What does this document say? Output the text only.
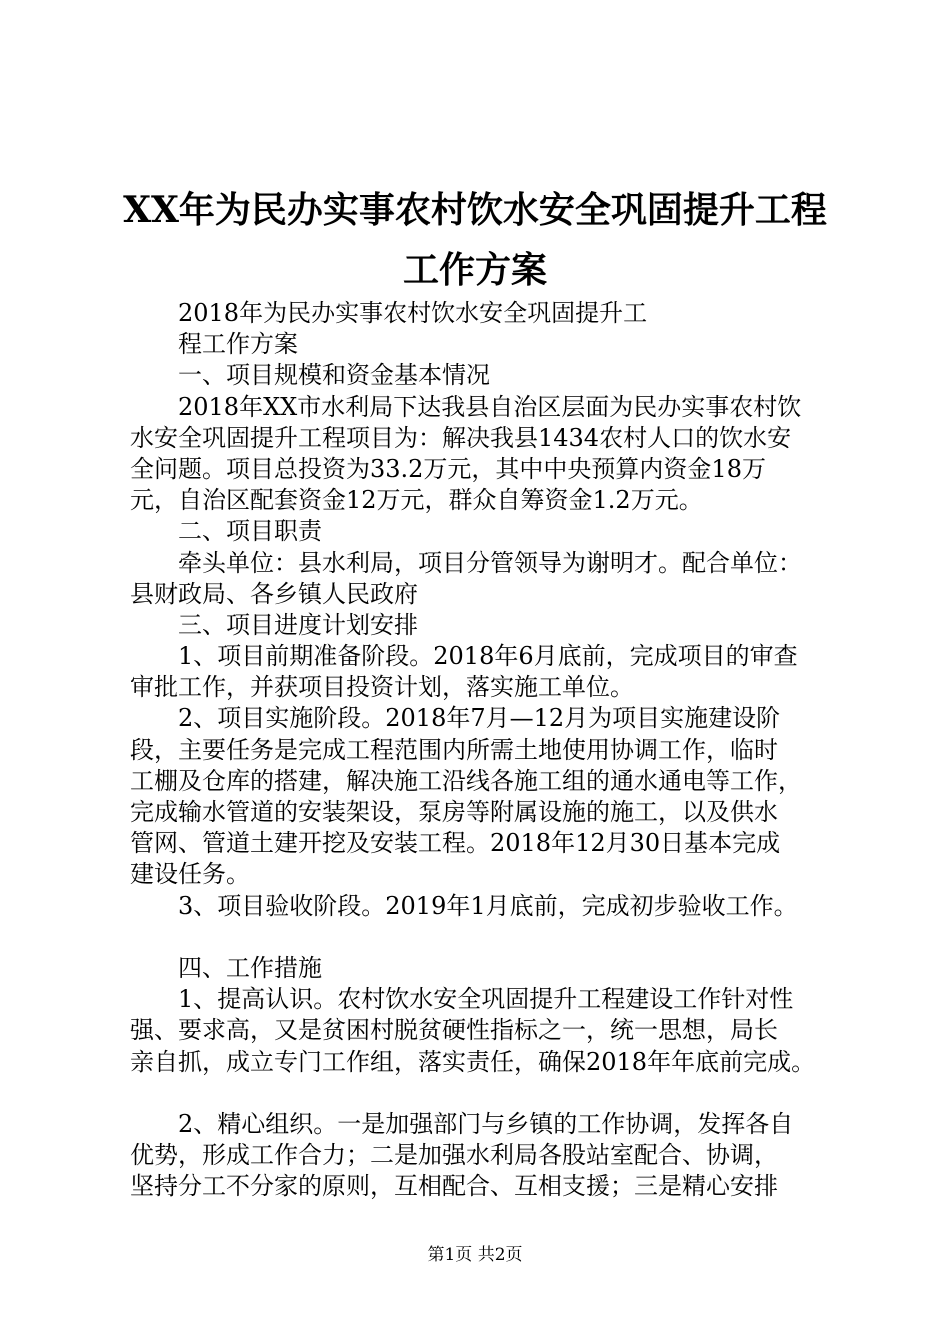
XX年为民办实事农村饮水安全巩固提升工程
工作方案
2018年为民办实事农村饮水安全巩固提升工
程工作方案
一、项目规模和资金基本情况
2018年XX市水利局下达我县自治区层面为民办实事农村饮
水安全巩固提升工程项目为：解决我县1434农村人口的饮水安
全问题。项目总投资为33.2万元，其中中央预算内资金18万
元，自治区配套资金12万元，群众自筹资金1.2万元。
二、项目职责
牵头单位：县水利局，项目分管领导为谢明才。配合单位：
县财政局、各乡镇人民政府
三、项目进度计划安排
1、项目前期准备阶段。2018年6月底前，完成项目的审查
审批工作，并获项目投资计划，落实施工单位。
2、项目实施阶段。2018年7月—12月为项目实施建设阶
段，主要任务是完成工程范围内所需土地使用协调工作，临时
工棚及仓库的搭建，解决施工沿线各施工组的通水通电等工作，
完成输水管道的安装架设，泵房等附属设施的施工，以及供水
管网、管道土建开挖及安装工程。2018年12月30日基本完成
建设任务。
3、项目验收阶段。2019年1月底前，完成初步验收工作。
四、工作措施
1、提高认识。农村饮水安全巩固提升工程建设工作针对性
强、要求高，又是贫困村脱贫硬性指标之一，统一思想，局长
亲自抓，成立专门工作组，落实责任，确保2018年年底前完成。
2、精心组织。一是加强部门与乡镇的工作协调，发挥各自
优势，形成工作合力；二是加强水利局各股站室配合、协调，
坚持分工不分家的原则，互相配合、互相支援；三是精心安排
第1页 共2页
